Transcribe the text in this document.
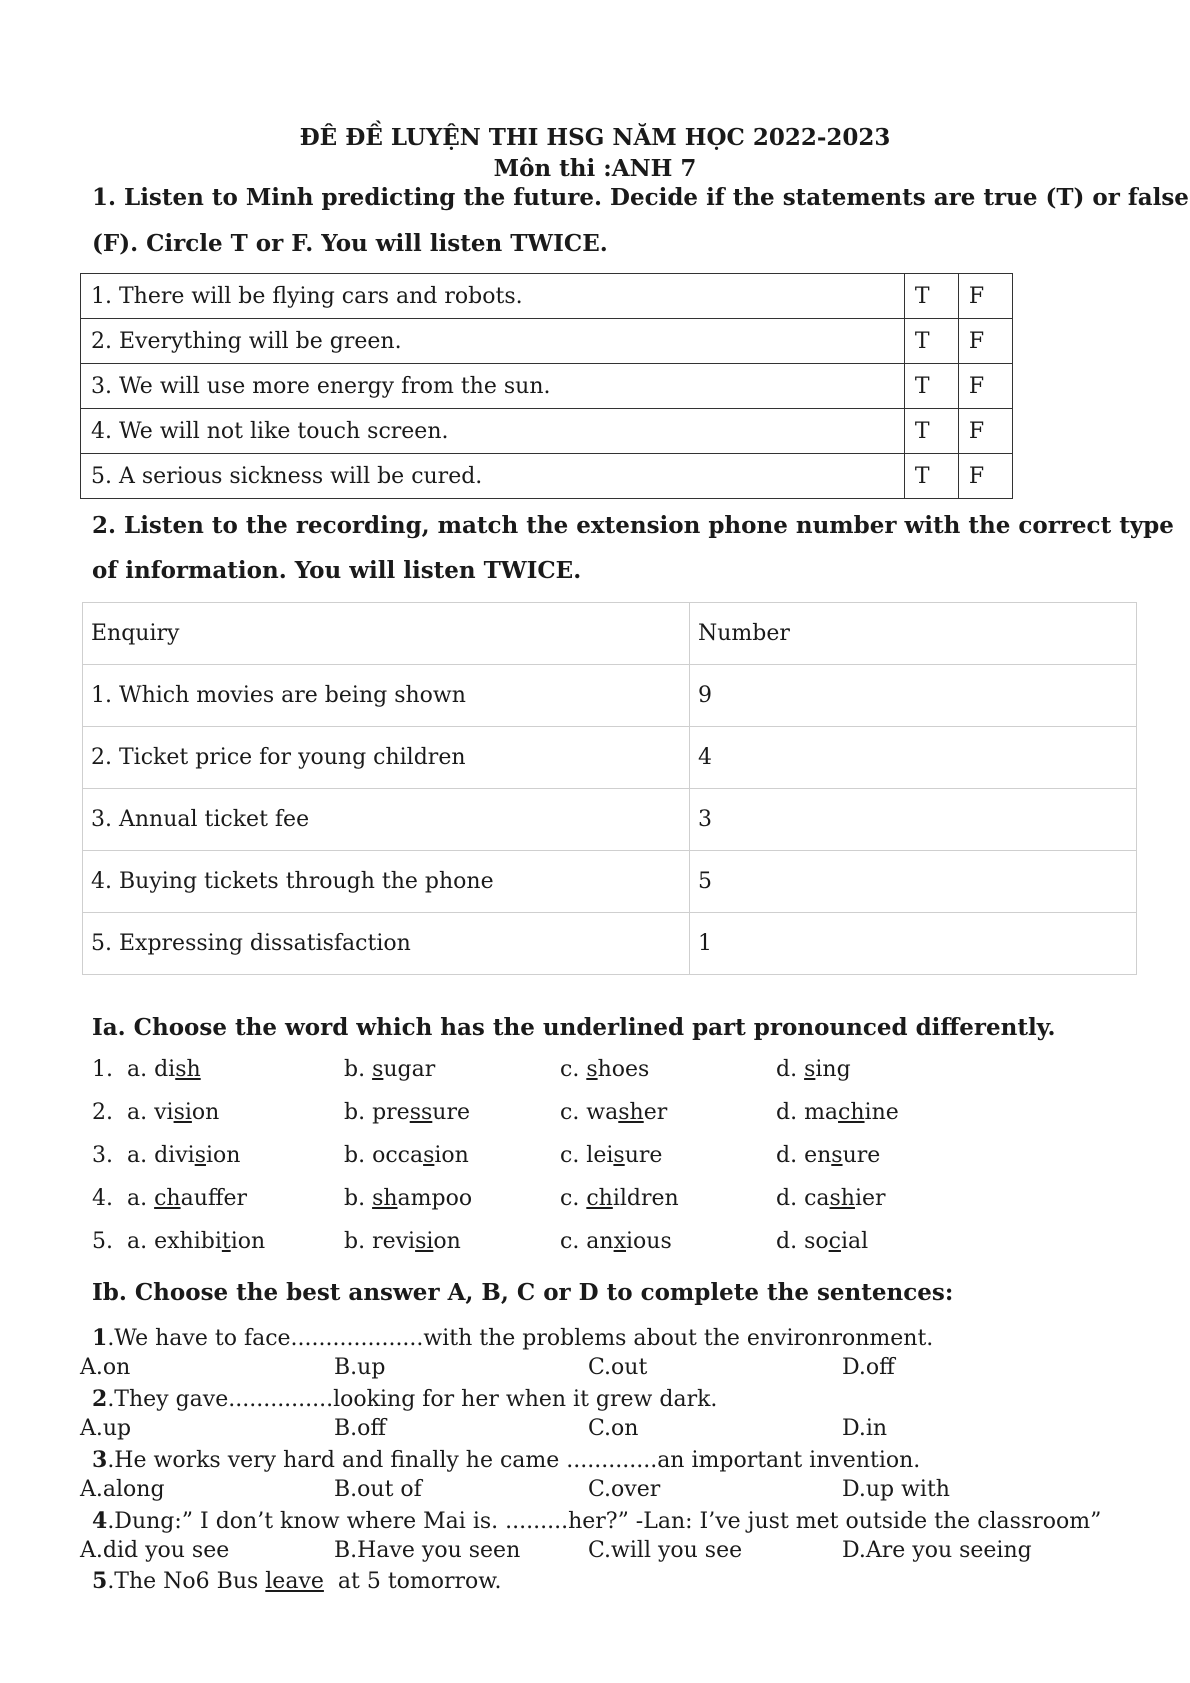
ĐÊ ĐỀ LUYỆN THI HSG NĂM HỌC 2022-2023
Môn thi :ANH 7
1. Listen to Minh predicting the future. Decide if the statements are true (T) or false
(F). Circle T or F. You will listen TWICE.
1. There will be flying cars and robots.	T	F
2. Everything will be green.	T	F
3. We will use more energy from the sun.	T	F
4. We will not like touch screen.	T	F
5. A serious sickness will be cured.	T	F
2. Listen to the recording, match the extension phone number with the correct type
of information. You will listen TWICE.
Enquiry	Number
1. Which movies are being shown	9
2. Ticket price for young children	4
3. Annual ticket fee	3
4. Buying tickets through the phone	5
5. Expressing dissatisfaction	1
Ia. Choose the word which has the underlined part pronounced differently.
1. a. dish	b. sugar	c. shoes	d. sing
2. a. vision	b. pressure	c. washer	d. machine
3. a. division	b. occasion	c. leisure	d. ensure
4. a. chauffer	b. shampoo	c. children	d. cashier
5. a. exhibition	b. revision	c. anxious	d. social
Ib. Choose the best answer A, B, C or D to complete the sentences:
1.We have to face...................with the problems about the environronment.
A.on	B.up	C.out	D.off
2.They gave...............looking for her when it grew dark.
A.up	B.off	C.on	D.in
3.He works very hard and finally he came .............an important invention.
A.along	B.out of	C.over	D.up with
4.Dung:” I don’t know where Mai is. .........her?” -Lan: I’ve just met outside the classroom”
A.did you see	B.Have you seen	C.will you see	D.Are you seeing
5.The No6 Bus leave  at 5 tomorrow.
